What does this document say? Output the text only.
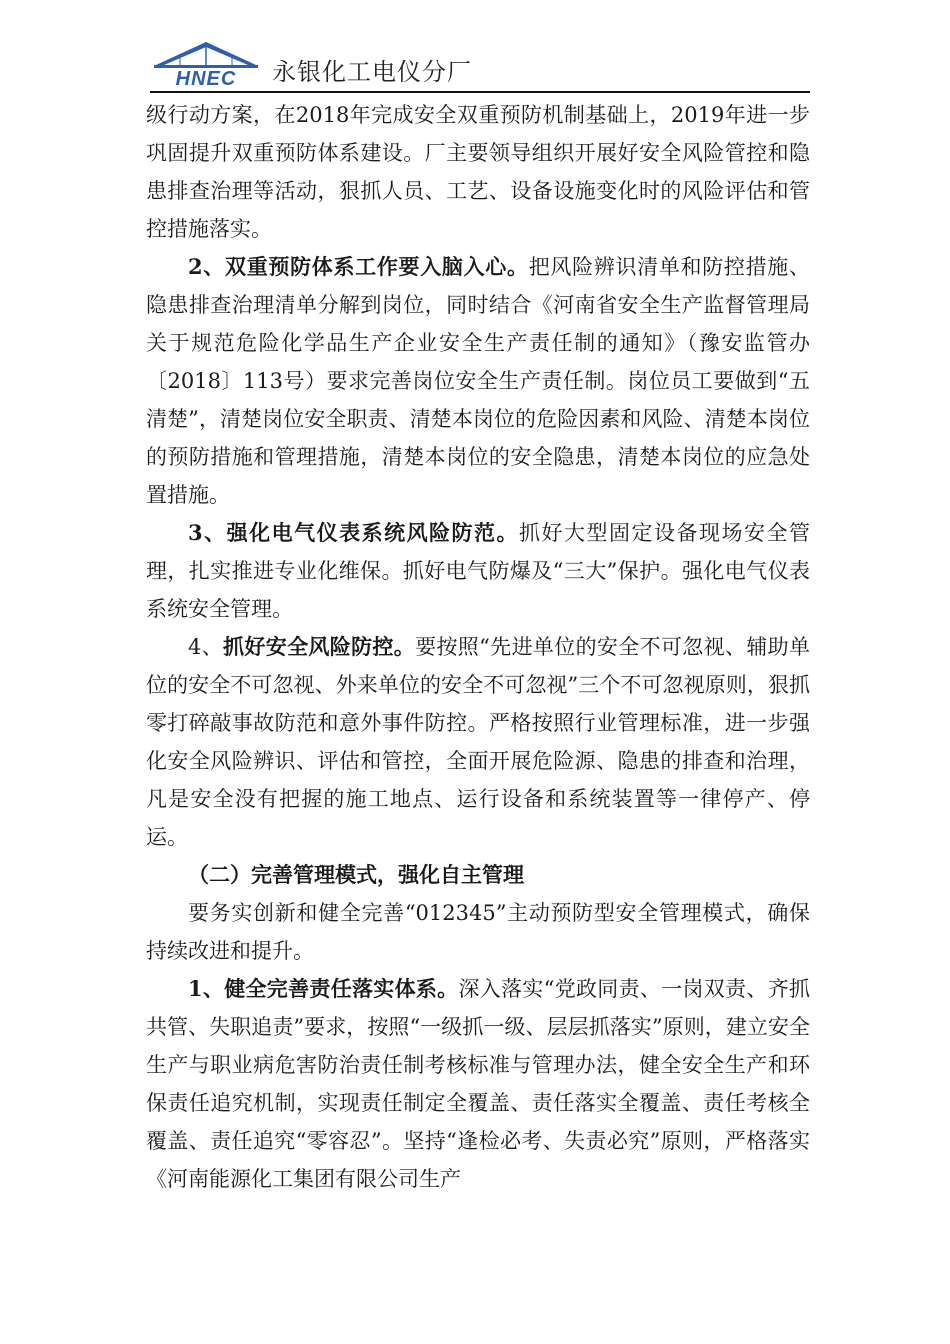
HNEC 永银化工电仪分厂

级行动方案，在2018年完成安全双重预防机制基础上，2019年进一步巩固提升双重预防体系建设。厂主要领导组织开展好安全风险管控和隐患排查治理等活动，狠抓人员、工艺、设备设施变化时的风险评估和管控措施落实。

2、双重预防体系工作要入脑入心。把风险辨识清单和防控措施、隐患排查治理清单分解到岗位，同时结合《河南省安全生产监督管理局关于规范危险化学品生产企业安全生产责任制的通知》（豫安监管办〔2018〕113号）要求完善岗位安全生产责任制。岗位员工要做到“五清楚”，清楚岗位安全职责、清楚本岗位的危险因素和风险、清楚本岗位的预防措施和管理措施，清楚本岗位的安全隐患，清楚本岗位的应急处置措施。

3、强化电气仪表系统风险防范。抓好大型固定设备现场安全管理，扎实推进专业化维保。抓好电气防爆及“三大”保护。强化电气仪表系统安全管理。

4、抓好安全风险防控。要按照“先进单位的安全不可忽视、辅助单位的安全不可忽视、外来单位的安全不可忽视”三个不可忽视原则，狠抓零打碎敲事故防范和意外事件防控。严格按照行业管理标准，进一步强化安全风险辨识、评估和管控，全面开展危险源、隐患的排查和治理，凡是安全没有把握的施工地点、运行设备和系统装置等一律停产、停运。

（二）完善管理模式，强化自主管理

要务实创新和健全完善“012345”主动预防型安全管理模式，确保持续改进和提升。

1、健全完善责任落实体系。深入落实“党政同责、一岗双责、齐抓共管、失职追责”要求，按照“一级抓一级、层层抓落实”原则，建立安全生产与职业病危害防治责任制考核标准与管理办法，健全安全生产和环保责任追究机制，实现责任制定全覆盖、责任落实全覆盖、责任考核全覆盖、责任追究“零容忍”。坚持“逢检必考、失责必究”原则，严格落实《河南能源化工集团有限公司生产
